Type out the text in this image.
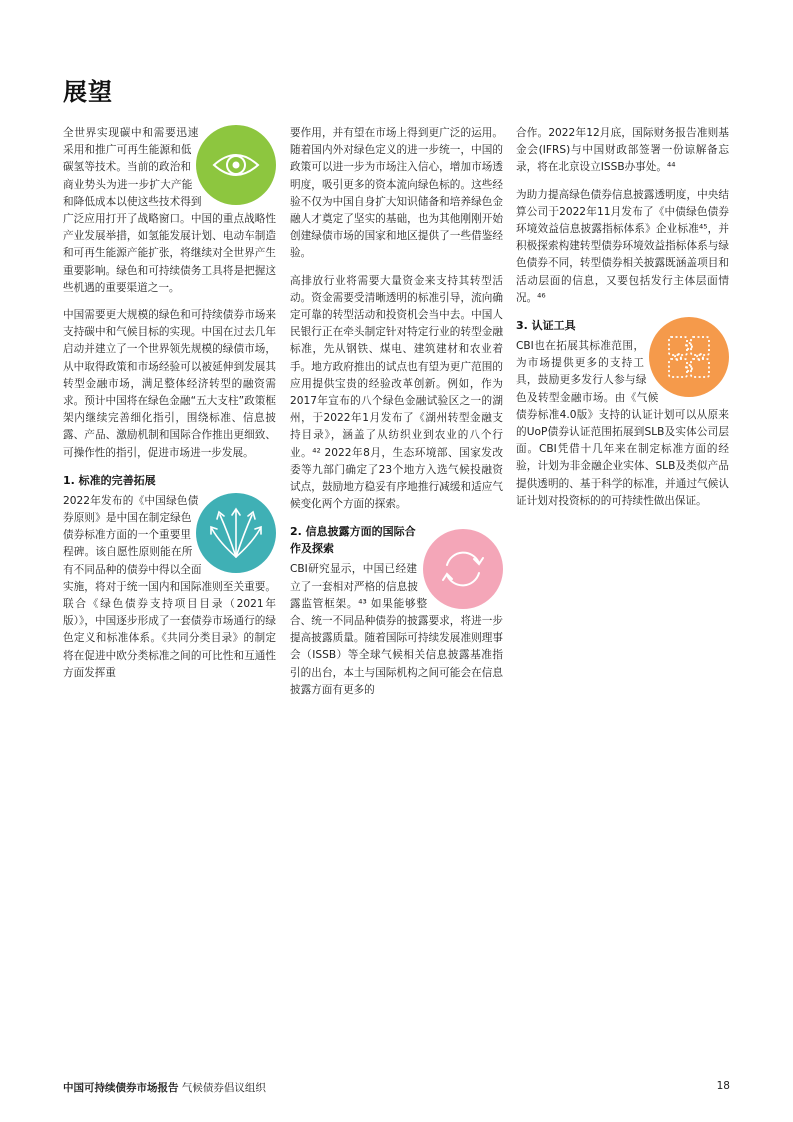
展望

全世界实现碳中和需要迅速采用和推广可再生能源和低碳氢等技术。当前的政治和商业势头为进一步扩大产能和降低成本以使这些技术得到广泛应用打开了战略窗口。中国的重点战略性产业发展举措，如氢能发展计划、电动车制造和可再生能源产能扩张，将继续对全世界产生重要影响。绿色和可持续债务工具将是把握这些机遇的重要渠道之一。

中国需要更大规模的绿色和可持续债券市场来支持碳中和气候目标的实现。中国在过去几年启动并建立了一个世界领先规模的绿债市场，从中取得政策和市场经验可以被延伸到发展其转型金融市场，满足整体经济转型的融资需求。预计中国将在绿色金融“五大支柱”政策框架内继续完善细化指引，围绕标准、信息披露、产品、激励机制和国际合作推出更细致、可操作性的指引，促进市场进一步发展。

1. 标准的完善拓展

2022年发布的《中国绿色债券原则》是中国在制定绿色债券标准方面的一个重要里程碑。该自愿性原则能在所有不同品种的债券中得以全面实施，将对于统一国内和国际准则至关重要。联合《绿色债券支持项目目录（2021年版）》，中国逐步形成了一套债券市场通行的绿色定义和标准体系。《共同分类目录》的制定将在促进中欧分类标准之间的可比性和互通性方面发挥重

要作用，并有望在市场上得到更广泛的运用。随着国内外对绿色定义的进一步统一，中国的政策可以进一步为市场注入信心，增加市场透明度，吸引更多的资本流向绿色标的。这些经验不仅为中国自身扩大知识储备和培养绿色金融人才奠定了坚实的基础，也为其他刚刚开始创建绿债市场的国家和地区提供了一些借鉴经验。

高排放行业将需要大量资金来支持其转型活动。资金需要受清晰透明的标准引导，流向确定可靠的转型活动和投资机会当中去。中国人民银行正在牵头制定针对特定行业的转型金融标准，先从钢铁、煤电、建筑建材和农业着手。地方政府推出的试点也有望为更广范围的应用提供宝贵的经验改革创新。例如，作为2017年宣布的八个绿色金融试验区之一的湖州，于2022年1月发布了《湖州转型金融支持目录》，涵盖了从纺织业到农业的八个行业。⁴² 2022年8月，生态环境部、国家发改委等九部门确定了23个地方入选气候投融资试点，鼓励地方稳妥有序地推行减缓和适应气候变化两个方面的探索。

2. 信息披露方面的国际合作及探索

CBI研究显示，中国已经建立了一套相对严格的信息披露监管框架。⁴³ 如果能够整合、统一不同品种债券的披露要求，将进一步提高披露质量。随着国际可持续发展准则理事会（ISSB）等全球气候相关信息披露基准指引的出台，本土与国际机构之间可能会在信息披露方面有更多的

合作。2022年12月底，国际财务报告准则基金会(IFRS)与中国财政部签署一份谅解备忘录，将在北京设立ISSB办事处。⁴⁴

为助力提高绿色债券信息披露透明度，中央结算公司于2022年11月发布了《中债绿色债券环境效益信息披露指标体系》企业标准⁴⁵，并积极探索构建转型债券环境效益指标体系与绿色债券不同，转型债券相关披露既涵盖项目和活动层面的信息，又要包括发行主体层面情况。⁴⁶

3. 认证工具

CBI也在拓展其标准范围，为市场提供更多的支持工具，鼓励更多发行人参与绿色及转型金融市场。由《气候债券标准4.0版》支持的认证计划可以从原来的UoP债券认证范围拓展到SLB及实体公司层面。CBI凭借十几年来在制定标准方面的经验，计划为非金融企业实体、SLB及类似产品提供透明的、基于科学的标准，并通过气候认证计划对投资标的的可持续性做出保证。

中国可持续债券市场报告 气候债券倡议组织	18
